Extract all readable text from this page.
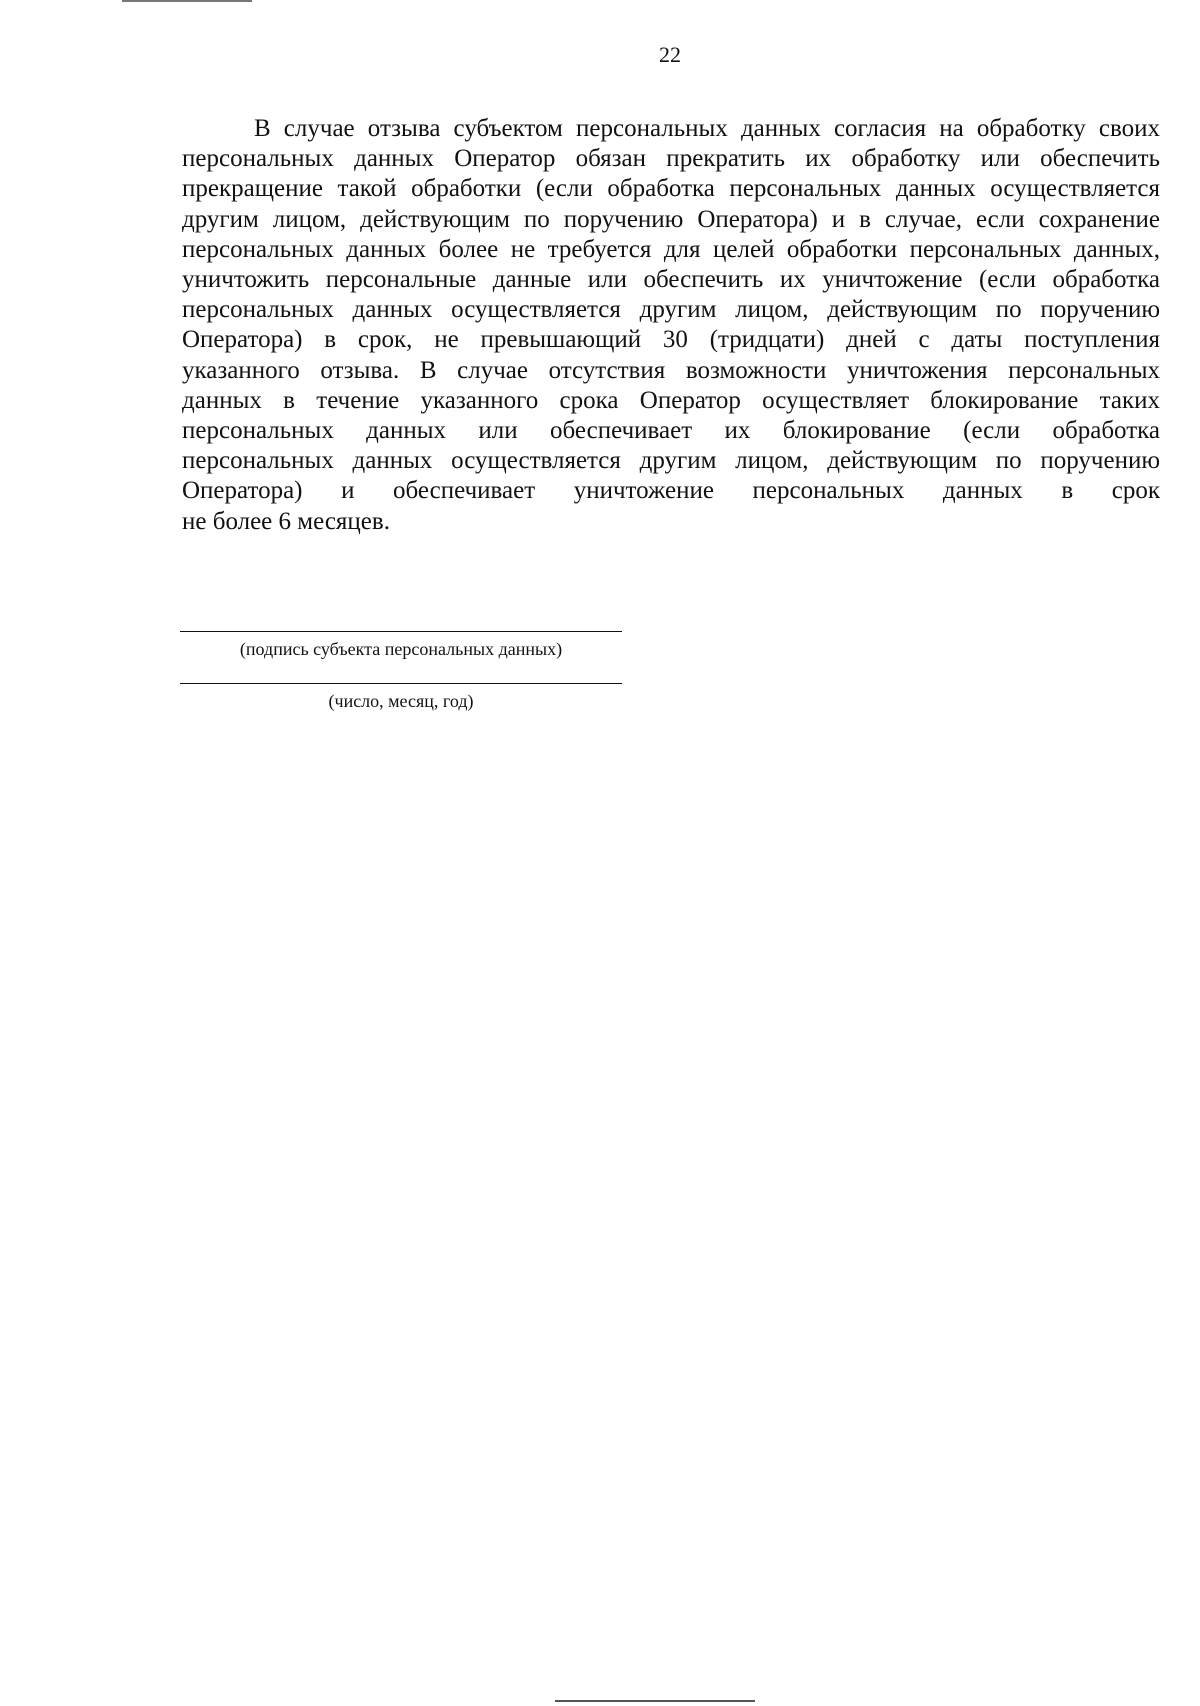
22
В случае отзыва субъектом персональных данных согласия на обработку своих
персональных данных Оператор обязан прекратить их обработку или обеспечить
прекращение такой обработки (если обработка персональных данных осуществляется
другим лицом, действующим по поручению Оператора) и в случае, если сохранение
персональных данных более не требуется для целей обработки персональных данных,
уничтожить персональные данные или обеспечить их уничтожение (если обработка
персональных данных осуществляется другим лицом, действующим по поручению
Оператора) в срок, не превышающий 30 (тридцати) дней с даты поступления
указанного отзыва. В случае отсутствия возможности уничтожения персональных
данных в течение указанного срока Оператор осуществляет блокирование таких
персональных данных или обеспечивает их блокирование (если обработка
персональных данных осуществляется другим лицом, действующим по поручению
Оператора) и обеспечивает уничтожение персональных данных в срок
не более 6 месяцев.
(подпись субъекта персональных данных)
(число, месяц, год)
